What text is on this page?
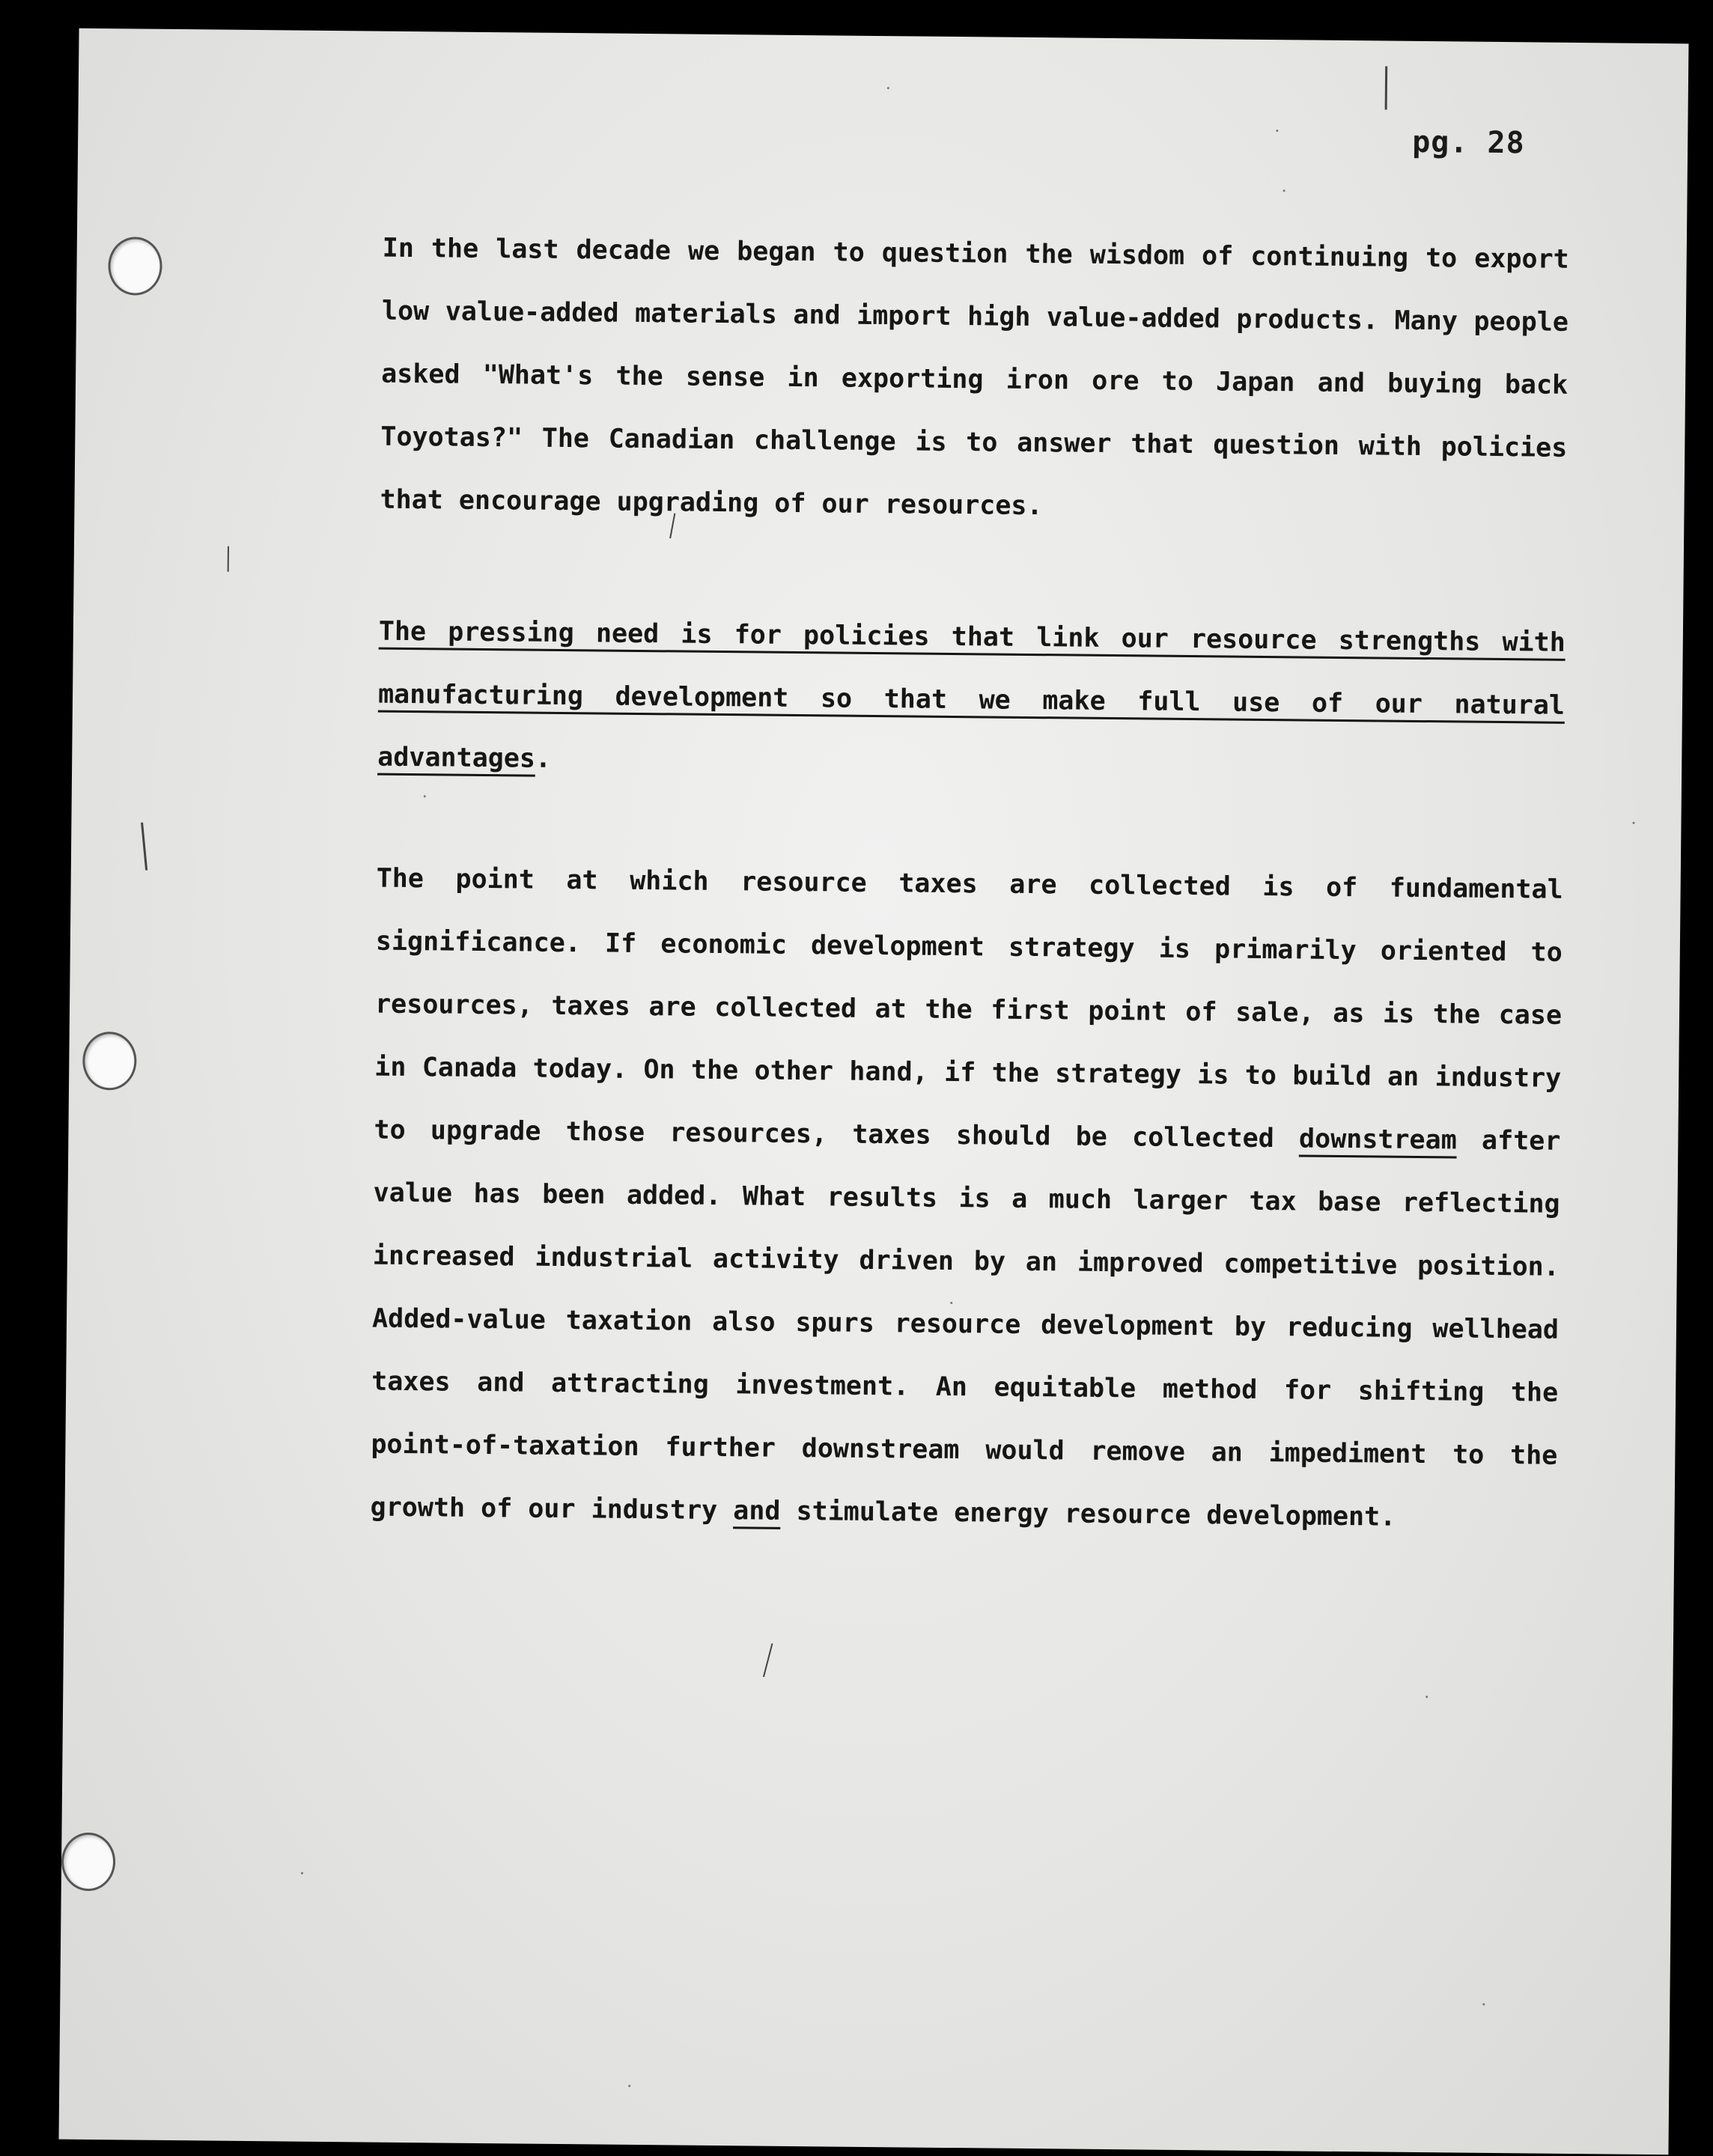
pg. 28

In the last decade we began to question the wisdom of continuing to export low value-added materials and import high value-added products. Many people asked "What's the sense in exporting iron ore to Japan and buying back Toyotas?" The Canadian challenge is to answer that question with policies that encourage upgrading of our resources.

The pressing need is for policies that link our resource strengths with manufacturing development so that we make full use of our natural advantages.

The point at which resource taxes are collected is of fundamental significance. If economic development strategy is primarily oriented to resources, taxes are collected at the first point of sale, as is the case in Canada today. On the other hand, if the strategy is to build an industry to upgrade those resources, taxes should be collected downstream after value has been added. What results is a much larger tax base reflecting increased industrial activity driven by an improved competitive position. Added-value taxation also spurs resource development by reducing wellhead taxes and attracting investment. An equitable method for shifting the point-of-taxation further downstream would remove an impediment to the growth of our industry and stimulate energy resource development.
